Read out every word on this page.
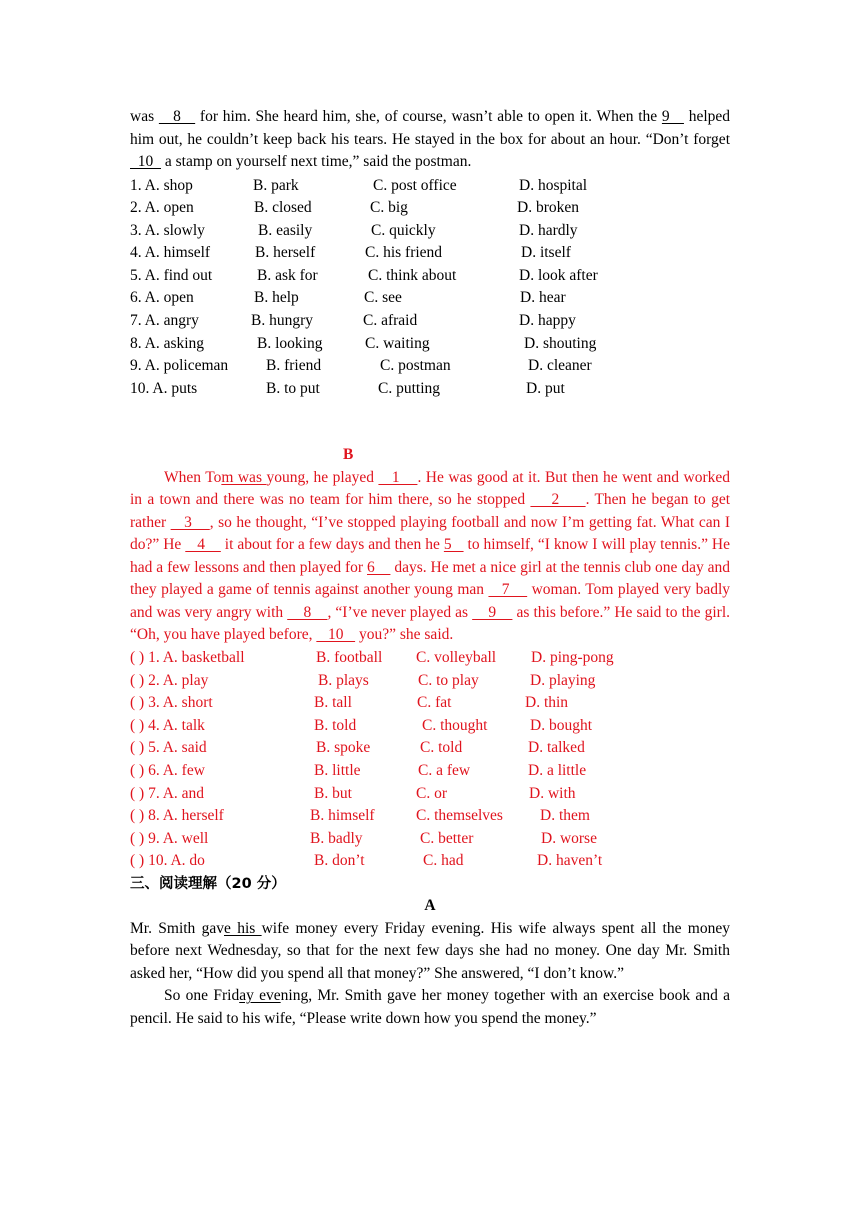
was    8    for him. She heard him, she, of course, wasn’t able to open it. When the 9    helped him out, he couldn’t keep back his tears. He stayed in the box for about an hour. “Don’t forget   10   a stamp on yourself next time,” said the postman.

1. A. shop	B. park	C. post office	D. hospital
2. A. open	B. closed	C. big	D. broken
3. A. slowly	B. easily	C. quickly	D. hardly
4. A. himself	B. herself	C. his friend	D. itself
5. A. find out	B. ask for	C. think about	D. look after
6. A. open	B. help	C. see	D. hear
7. A. angry	B. hungry	C. afraid	D. happy
8. A. asking	B. looking	C. waiting	D. shouting
9. A. policeman B. friend	C. postman	D. cleaner
10. A. puts	B. to put	C. putting	D. put
B

When Tom was young, he played    1    . He was good at it. But then he went and worked in a town and there was no team for him there, so he stopped     2     . Then he began to get rather    3    , so he thought, “I’ve stopped playing football and now I’m getting fat. What can I do?” He    4     it about for a few days and then he 5    to himself, “I know I will play tennis.” He had a few lessons and then played for 6     days. He met a nice girl at the tennis club one day and they played a game of tennis against another young man    7     woman. Tom played very badly and was very angry with     8    , “I’ve never played as     9     as this before.” He said to the girl. “Oh, you have played before,    10    you?” she said.

( ) 1. A. basketball	B. football C. volleyball D. ping-pong
( ) 2. A. play	B. plays	C. to play	D. playing
( ) 3. A. short	B. tall	C. fat	D. thin
( ) 4. A. talk	B. told	C. thought	D. bought
( ) 5. A. said	B. spoke	C. told	D. talked
( ) 6. A. few	B. little	C. a few	D. a little
( ) 7. A. and	B. but	C. or	D. with
( ) 8. A. herself	B. himself	C. themselves D. them
( ) 9. A. well	B. badly	C. better	D. worse
( ) 10. A. do	B. don’t	C. had	D. haven’t
三、阅读理解（20 分）
A

Mr. Smith gave his wife money every Friday evening. His wife always spent all the money before next Wednesday, so that for the next few days she had no money. One day Mr. Smith asked her, “How did you spend all that money?” She answered, “I don’t know.”

So one Friday evening, Mr. Smith gave her money together with an exercise book and a pencil. He said to his wife, “Please write down how you spend the money.”
